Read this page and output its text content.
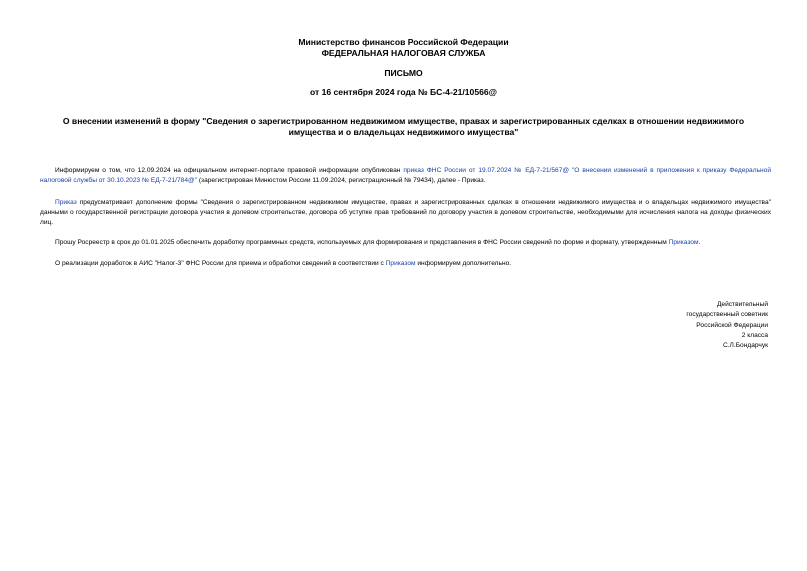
Министерство финансов Российской Федерации
ФЕДЕРАЛЬНАЯ НАЛОГОВАЯ СЛУЖБА
ПИСЬМО
от 16 сентября 2024 года № БС-4-21/10566@
О внесении изменений в форму "Сведения о зарегистрированном недвижимом имуществе, правах и зарегистрированных сделках в отношении недвижимого имущества и о владельцах недвижимого имущества"
Информируем о том, что 12.09.2024 на официальном интернет-портале правовой информации опубликован приказ ФНС России от 19.07.2024 № ЕД-7-21/567@ "О внесении изменений в приложения к приказу Федеральной налоговой службы от 30.10.2023 № ЕД-7-21/784@" (зарегистрирован Минюстом России 11.09.2024, регистрационный № 79434), далее - Приказ.
Приказ предусматривает дополнение формы "Сведения о зарегистрированном недвижимом имуществе, правах и зарегистрированных сделках в отношении недвижимого имущества и о владельцах недвижимого имущества" данными о государственной регистрации договора участия в долевом строительстве, договора об уступке прав требований по договору участия в долевом строительстве, необходимыми для исчисления налога на доходы физических лиц.
Прошу Росреестр в срок до 01.01.2025 обеспечить доработку программных средств, используемых для формирования и представления в ФНС России сведений по форме и формату, утвержденным Приказом.
О реализации доработок в АИС "Налог-3" ФНС России для приема и обработки сведений в соответствии с Приказом информируем дополнительно.
Действительный
государственный советник
Российской Федерации
2 класса
С.Л.Бондарчук
